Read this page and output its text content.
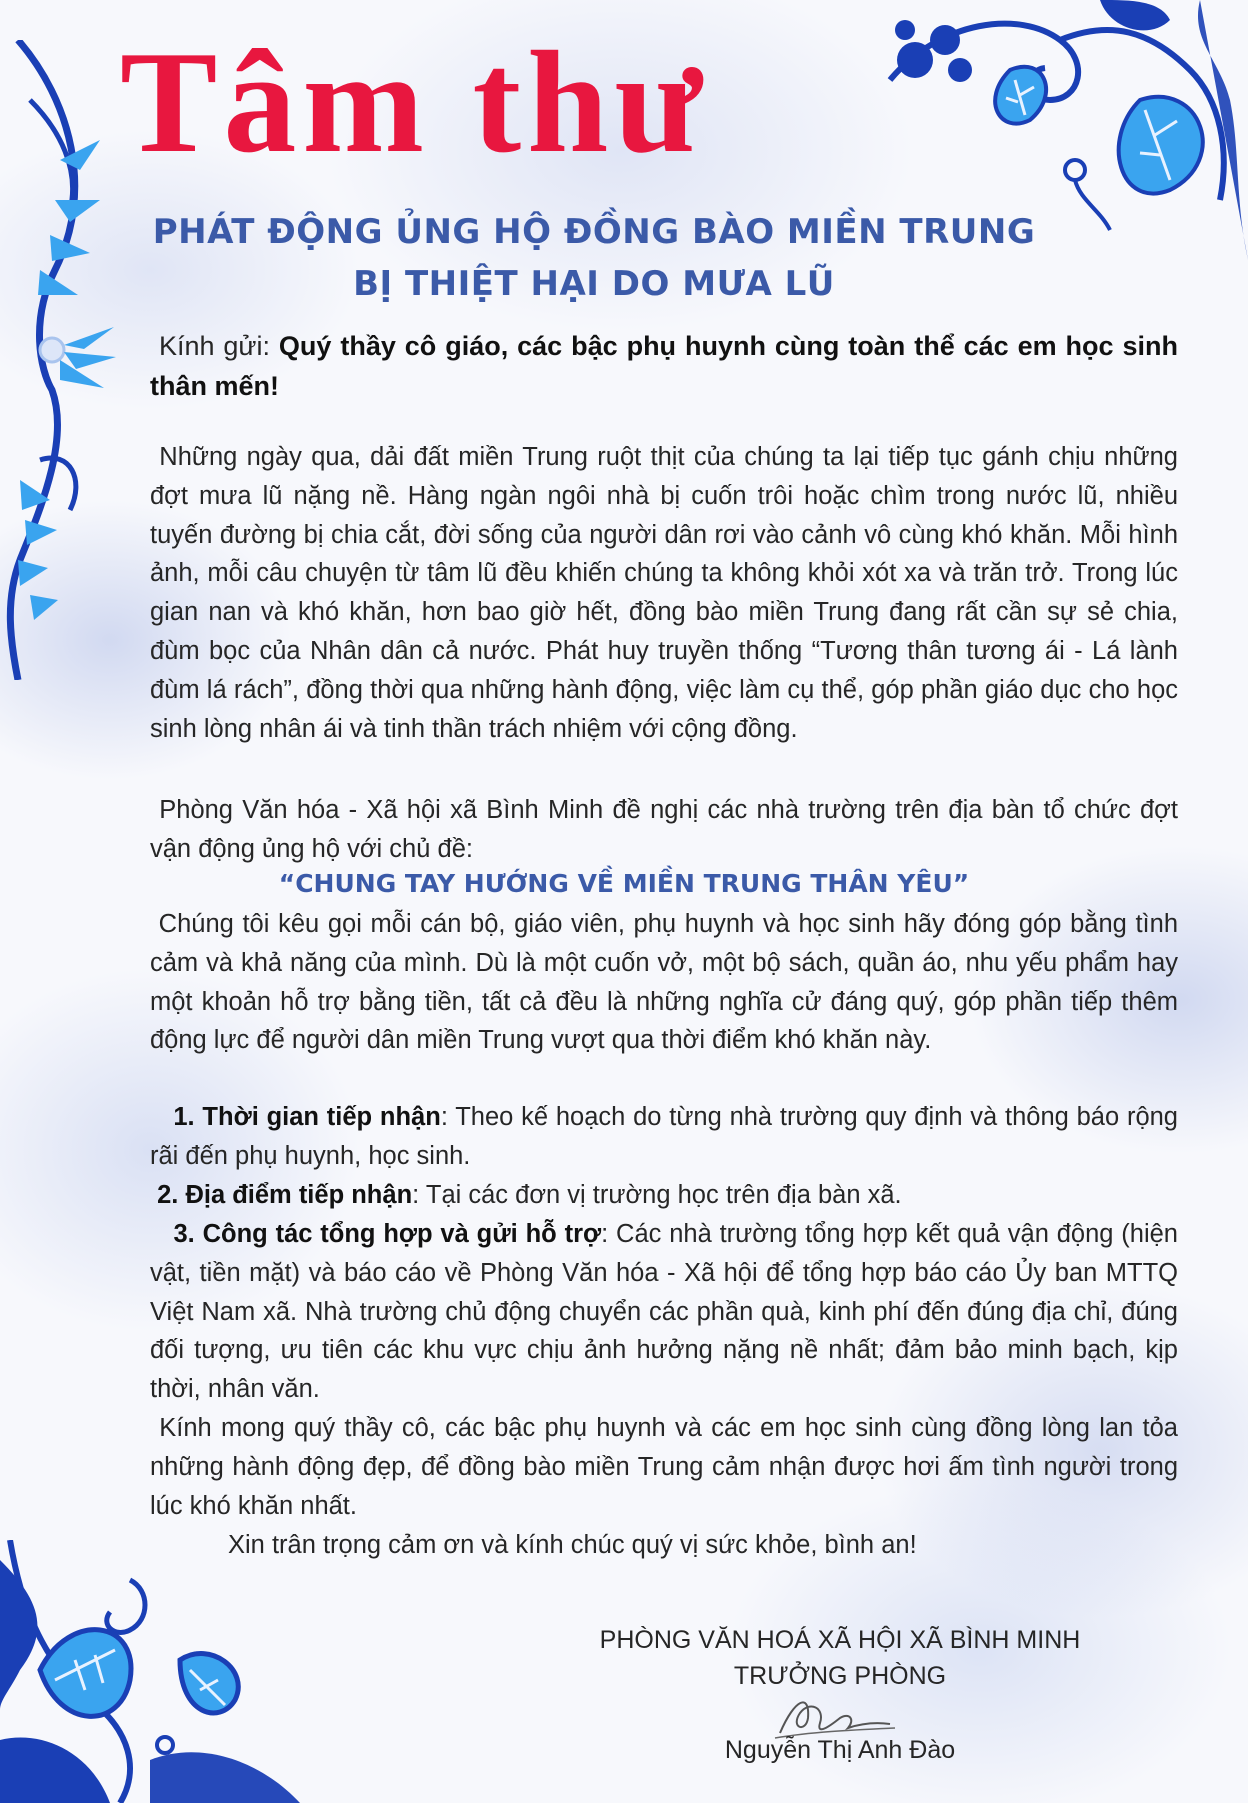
Tâm thư

PHÁT ĐỘNG ỦNG HỘ ĐỒNG BÀO MIỀN TRUNG

BỊ THIỆT HẠI DO MƯA LŨ

Kính gửi: Quý thầy cô giáo, các bậc phụ huynh cùng toàn thể các em học sinh thân mến!

Những ngày qua, dải đất miền Trung ruột thịt của chúng ta lại tiếp tục gánh chịu những đợt mưa lũ nặng nề. Hàng ngàn ngôi nhà bị cuốn trôi hoặc chìm trong nước lũ, nhiều tuyến đường bị chia cắt, đời sống của người dân rơi vào cảnh vô cùng khó khăn. Mỗi hình ảnh, mỗi câu chuyện từ tâm lũ đều khiến chúng ta không khỏi xót xa và trăn trở. Trong lúc gian nan và khó khăn, hơn bao giờ hết, đồng bào miền Trung đang rất cần sự sẻ chia, đùm bọc của Nhân dân cả nước. Phát huy truyền thống “Tương thân tương ái - Lá lành đùm lá rách”, đồng thời qua những hành động, việc làm cụ thể, góp phần giáo dục cho học sinh lòng nhân ái và tinh thần trách nhiệm với cộng đồng.

Phòng Văn hóa - Xã hội xã Bình Minh đề nghị các nhà trường trên địa bàn tổ chức đợt vận động ủng hộ với chủ đề:

“CHUNG TAY HƯỚNG VỀ MIỀN TRUNG THÂN YÊU”

Chúng tôi kêu gọi mỗi cán bộ, giáo viên, phụ huynh và học sinh hãy đóng góp bằng tình cảm và khả năng của mình. Dù là một cuốn vở, một bộ sách, quần áo, nhu yếu phẩm hay một khoản hỗ trợ bằng tiền, tất cả đều là những nghĩa cử đáng quý, góp phần tiếp thêm động lực để người dân miền Trung vượt qua thời điểm khó khăn này.

1. Thời gian tiếp nhận: Theo kế hoạch do từng nhà trường quy định và thông báo rộng rãi đến phụ huynh, học sinh.

2. Địa điểm tiếp nhận: Tại các đơn vị trường học trên địa bàn xã.

3. Công tác tổng hợp và gửi hỗ trợ: Các nhà trường tổng hợp kết quả vận động (hiện vật, tiền mặt) và báo cáo về Phòng Văn hóa - Xã hội để tổng hợp báo cáo Ủy ban MTTQ Việt Nam xã. Nhà trường chủ động chuyển các phần quà, kinh phí đến đúng địa chỉ, đúng đối tượng, ưu tiên các khu vực chịu ảnh hưởng nặng nề nhất; đảm bảo minh bạch, kịp thời, nhân văn.

Kính mong quý thầy cô, các bậc phụ huynh và các em học sinh cùng đồng lòng lan tỏa những hành động đẹp, để đồng bào miền Trung cảm nhận được hơi ấm tình người trong lúc khó khăn nhất.

Xin trân trọng cảm ơn và kính chúc quý vị sức khỏe, bình an!

PHÒNG VĂN HOÁ XÃ HỘI XÃ BÌNH MINH
TRƯỞNG PHÒNG
Nguyễn Thị Anh Đào
